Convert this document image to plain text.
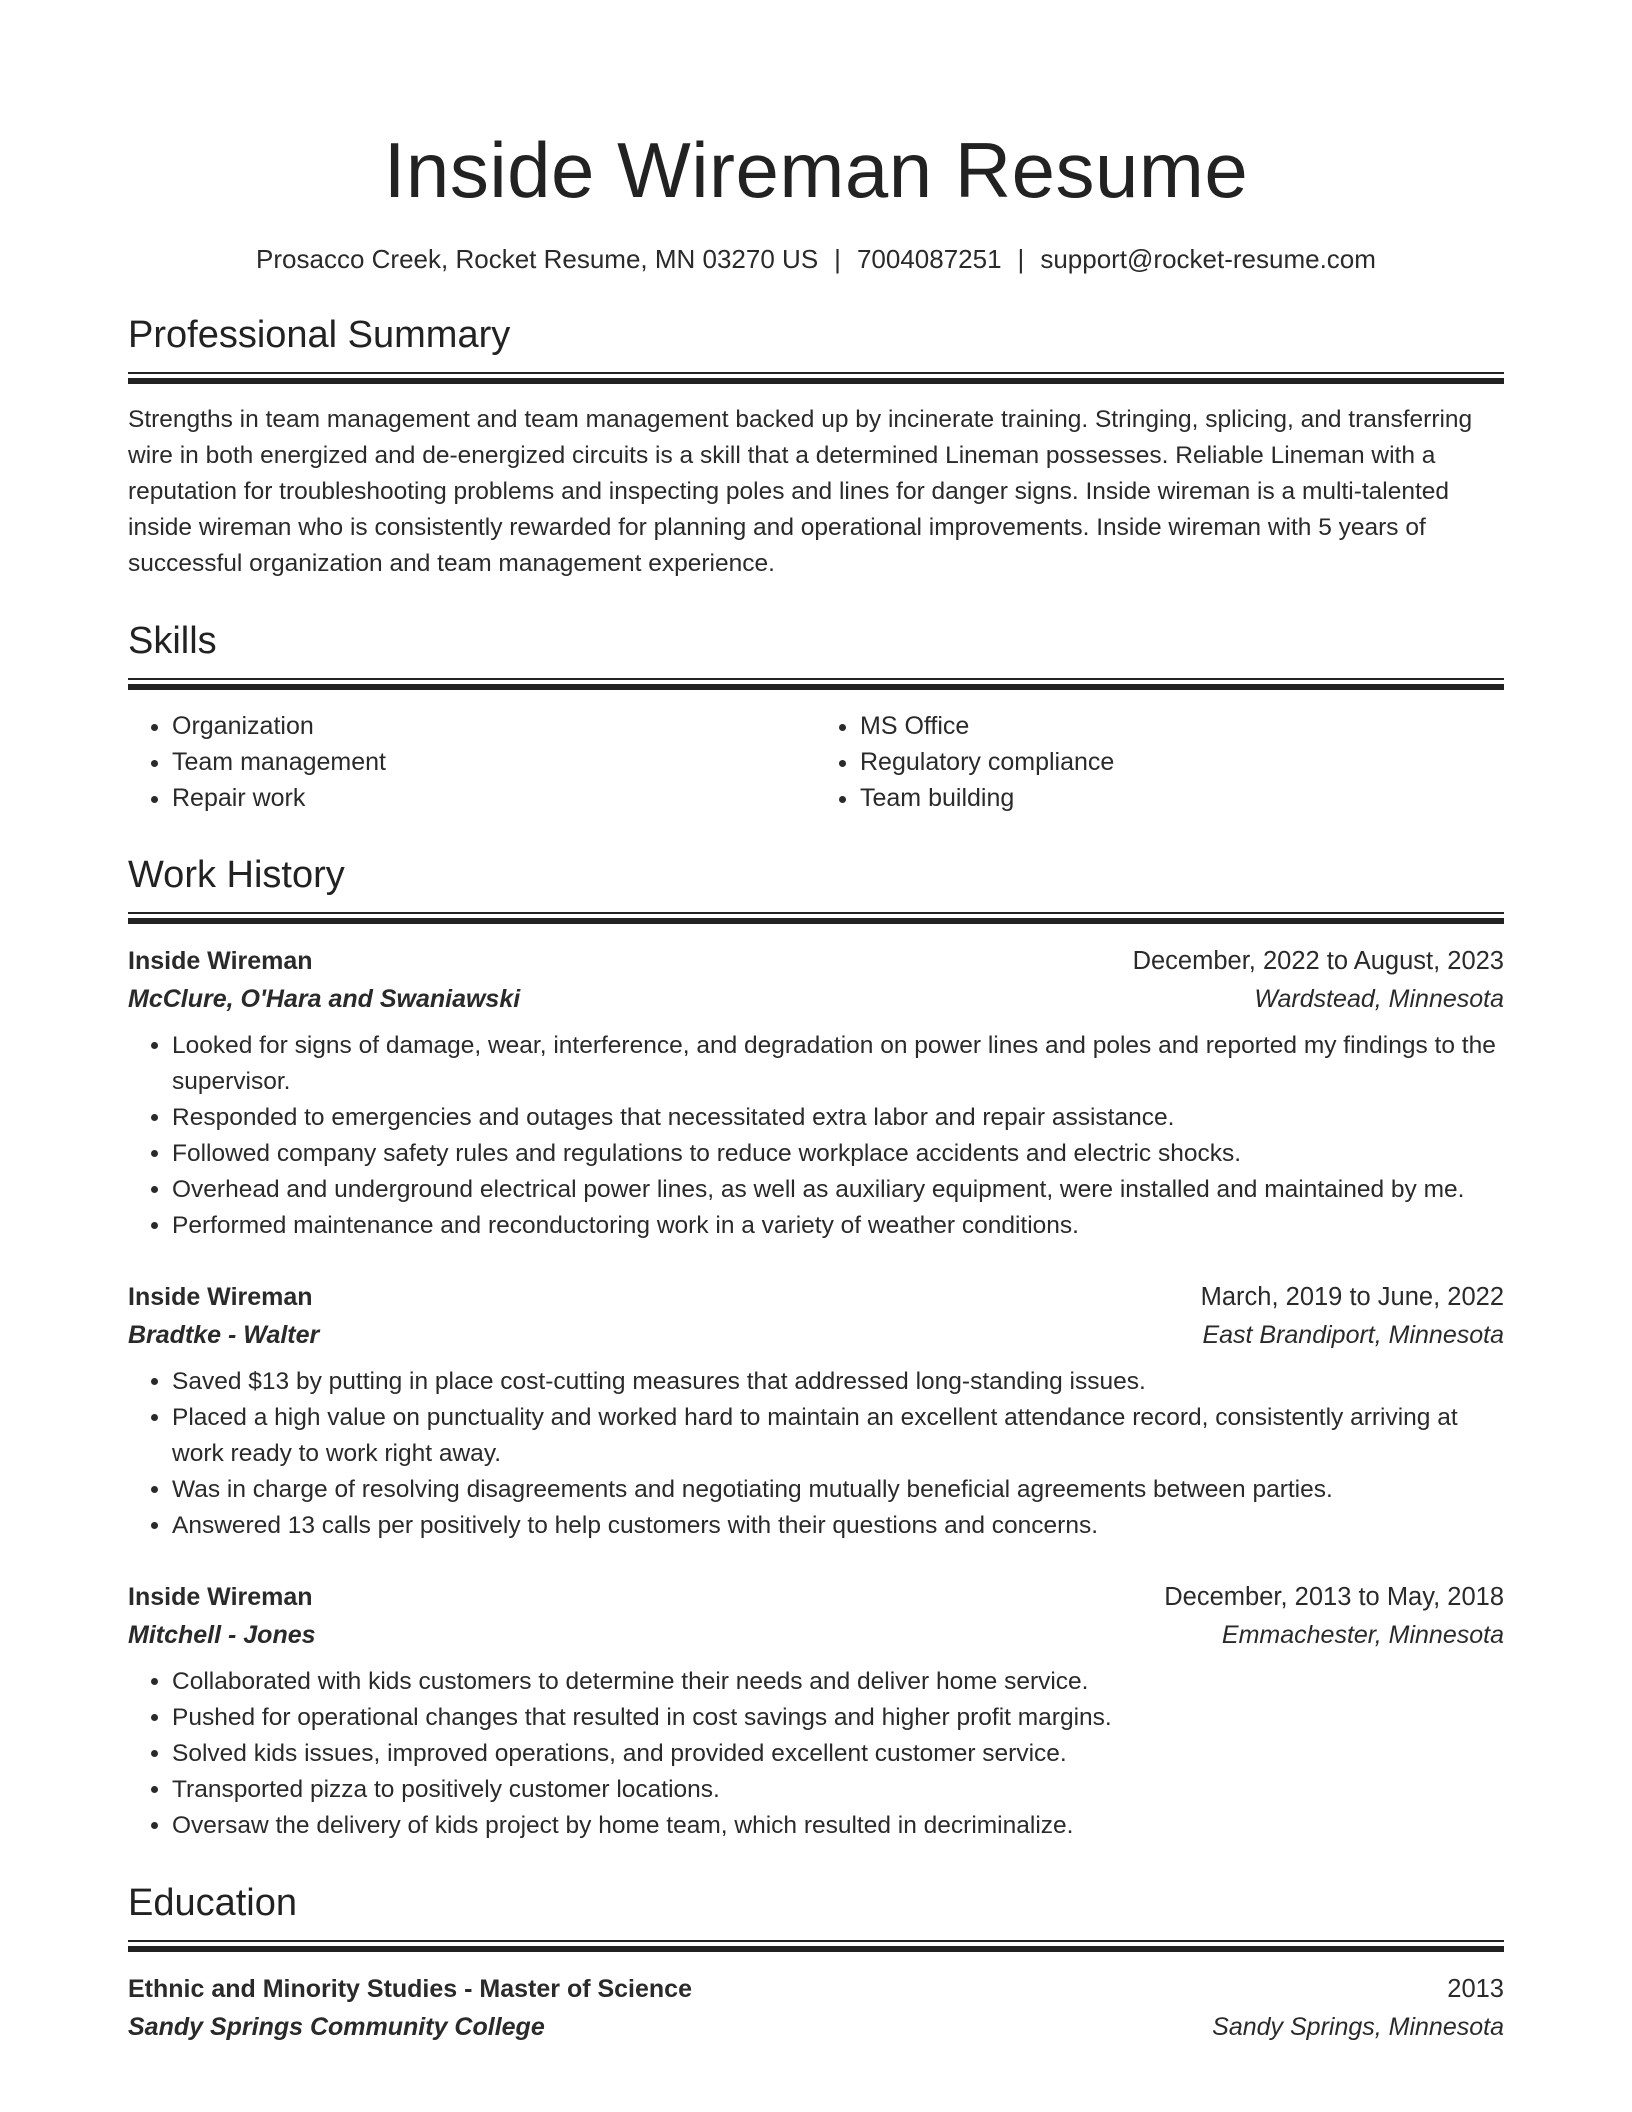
Inside Wireman Resume
Prosacco Creek, Rocket Resume, MN 03270 US | 7004087251 | support@rocket-resume.com
Professional Summary

Strengths in team management and team management backed up by incinerate training. Stringing, splicing, and transferring wire in both energized and de-energized circuits is a skill that a determined Lineman possesses. Reliable Lineman with a reputation for troubleshooting problems and inspecting poles and lines for danger signs. Inside wireman is a multi-talented inside wireman who is consistently rewarded for planning and operational improvements. Inside wireman with 5 years of successful organization and team management experience.

Skills
• Organization
• Team management
• Repair work
• MS Office
• Regulatory compliance
• Team building
Work History
Inside Wireman	December, 2022 to August, 2023
McClure, O'Hara and Swaniawski	Wardstead, Minnesota
• Looked for signs of damage, wear, interference, and degradation on power lines and poles and reported my findings to the supervisor.
• Responded to emergencies and outages that necessitated extra labor and repair assistance.
• Followed company safety rules and regulations to reduce workplace accidents and electric shocks.
• Overhead and underground electrical power lines, as well as auxiliary equipment, were installed and maintained by me.
• Performed maintenance and reconductoring work in a variety of weather conditions.
Inside Wireman	March, 2019 to June, 2022
Bradtke - Walter	East Brandiport, Minnesota
• Saved $13 by putting in place cost-cutting measures that addressed long-standing issues.
• Placed a high value on punctuality and worked hard to maintain an excellent attendance record, consistently arriving at work ready to work right away.
• Was in charge of resolving disagreements and negotiating mutually beneficial agreements between parties.
• Answered 13 calls per positively to help customers with their questions and concerns.
Inside Wireman	December, 2013 to May, 2018
Mitchell - Jones	Emmachester, Minnesota
• Collaborated with kids customers to determine their needs and deliver home service.
• Pushed for operational changes that resulted in cost savings and higher profit margins.
• Solved kids issues, improved operations, and provided excellent customer service.
• Transported pizza to positively customer locations.
• Oversaw the delivery of kids project by home team, which resulted in decriminalize.
Education
Ethnic and Minority Studies - Master of Science	2013
Sandy Springs Community College	Sandy Springs, Minnesota
